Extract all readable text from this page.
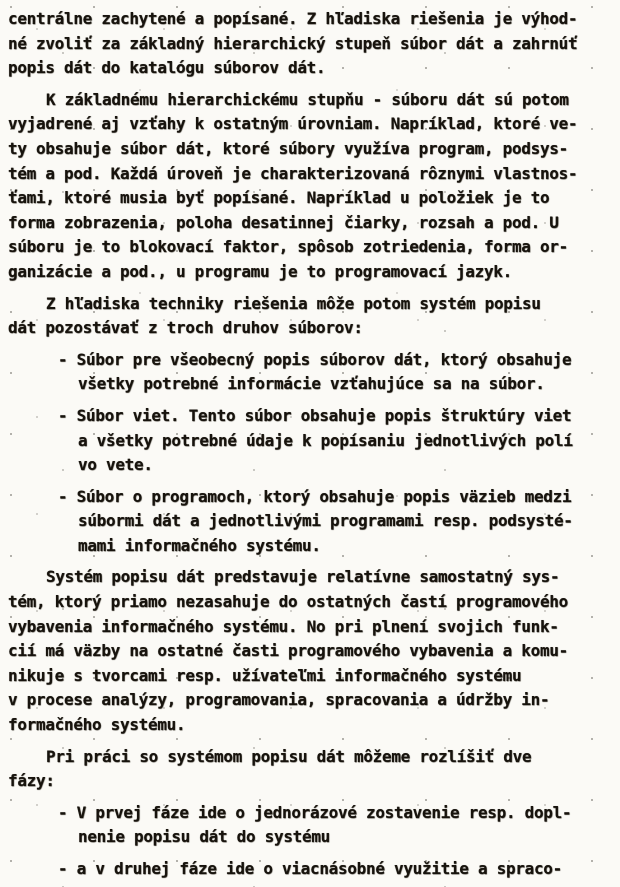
centrálne zachytené a popísané. Z hľadiska riešenia je výhod-
né zvoliť za základný hierarchický stupeň súbor dát a zahrnúť
popis dát do katalógu súborov dát.
K základnému hierarchickému stupňu - súboru dát sú potom
vyjadrené aj vzťahy k ostatným úrovniam. Napríklad, ktoré ve-
ty obsahuje súbor dát, ktoré súbory využíva program, podsys-
tém a pod. Každá úroveň je charakterizovaná rôznymi vlastnos-
ťami, ktoré musia byť popísané. Napríklad u položiek je to
forma zobrazenia, poloha desatinnej čiarky, rozsah a pod. U
súboru je to blokovací faktor, spôsob zotriedenia, forma or-
ganizácie a pod., u programu je to programovací jazyk.
Z hľadiska techniky riešenia môže potom systém popisu
dát pozostávať z troch druhov súborov:
- Súbor pre všeobecný popis súborov dát, ktorý obsahuje
všetky potrebné informácie vzťahujúce sa na súbor.
- Súbor viet. Tento súbor obsahuje popis štruktúry viet
a všetky potrebné údaje k popísaniu jednotlivých polí
vo vete.
- Súbor o programoch, ktorý obsahuje popis väzieb medzi
súbormi dát a jednotlivými programami resp. podsysté-
mami informačného systému.
Systém popisu dát predstavuje relatívne samostatný sys-
tém, ktorý priamo nezasahuje do ostatných častí programového
vybavenia informačného systému. No pri plnení svojich funk-
cií má väzby na ostatné časti programového vybavenia a komu-
nikuje s tvorcami resp. užívateľmi informačného systému
v procese analýzy, programovania, spracovania a údržby in-
formačného systému.
Pri práci so systémom popisu dát môžeme rozlíšiť dve
fázy:
- V prvej fáze ide o jednorázové zostavenie resp. dopl-
nenie popisu dát do systému
- a v druhej fáze ide o viacnásobné využitie a spraco-
